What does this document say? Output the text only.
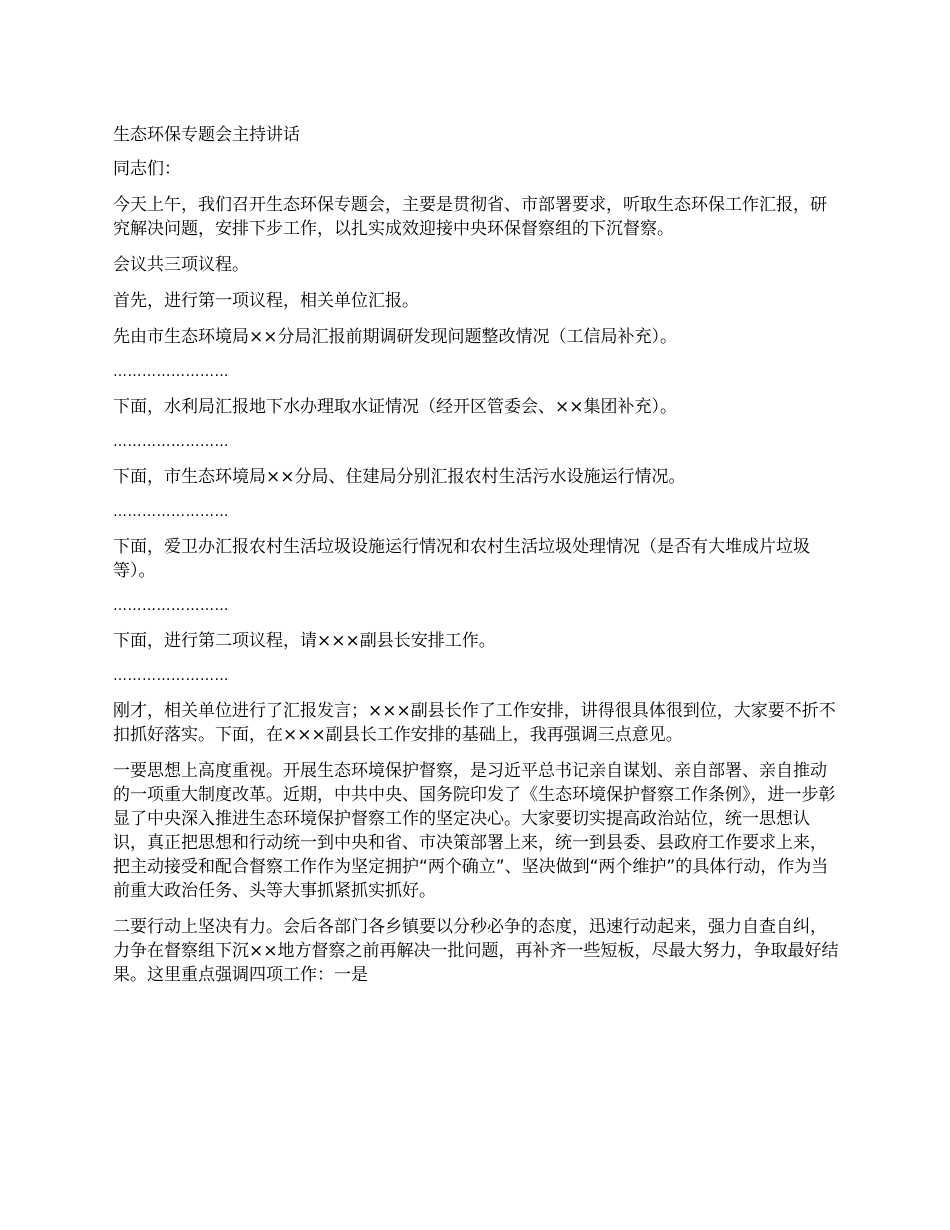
生态环保专题会主持讲话

同志们：

今天上午，我们召开生态环保专题会，主要是贯彻省、市部署要求，听取生态环保工作汇报，研究解决问题，安排下步工作，以扎实成效迎接中央环保督察组的下沉督察。

会议共三项议程。

首先，进行第一项议程，相关单位汇报。

先由市生态环境局××分局汇报前期调研发现问题整改情况（工信局补充）。

……………………

下面，水利局汇报地下水办理取水证情况（经开区管委会、××集团补充）。

……………………

下面，市生态环境局××分局、住建局分别汇报农村生活污水设施运行情况。

……………………

下面，爱卫办汇报农村生活垃圾设施运行情况和农村生活垃圾处理情况（是否有大堆成片垃圾等）。

……………………

下面，进行第二项议程，请×××副县长安排工作。

……………………

刚才，相关单位进行了汇报发言；×××副县长作了工作安排，讲得很具体很到位，大家要不折不扣抓好落实。下面，在×××副县长工作安排的基础上，我再强调三点意见。

一要思想上高度重视。开展生态环境保护督察，是习近平总书记亲自谋划、亲自部署、亲自推动的一项重大制度改革。近期，中共中央、国务院印发了《生态环境保护督察工作条例》，进一步彰显了中央深入推进生态环境保护督察工作的坚定决心。大家要切实提高政治站位，统一思想认识，真正把思想和行动统一到中央和省、市决策部署上来，统一到县委、县政府工作要求上来，把主动接受和配合督察工作作为坚定拥护“两个确立”、坚决做到“两个维护”的具体行动，作为当前重大政治任务、头等大事抓紧抓实抓好。

二要行动上坚决有力。会后各部门各乡镇要以分秒必争的态度，迅速行动起来，强力自查自纠，力争在督察组下沉××地方督察之前再解决一批问题，再补齐一些短板，尽最大努力，争取最好结果。这里重点强调四项工作：一是
